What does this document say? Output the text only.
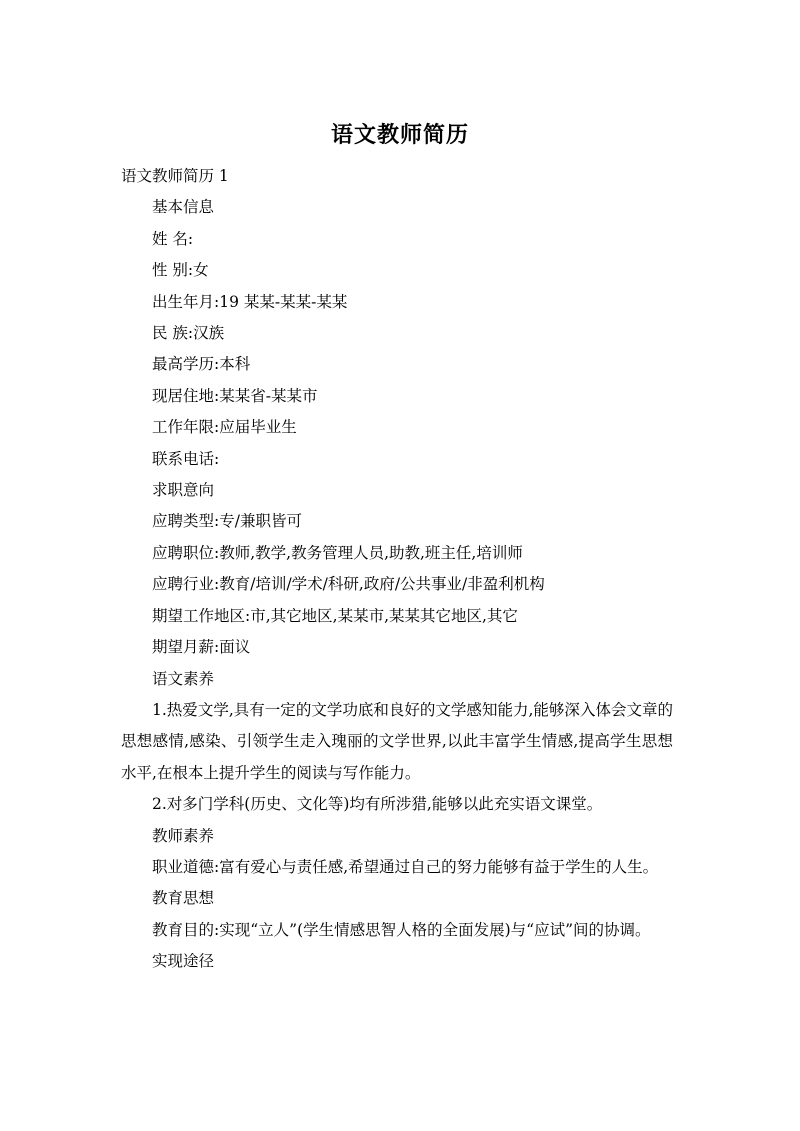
语文教师简历

语文教师简历 1

基本信息

姓 名:

性 别:女

出生年月:19 某某-某某-某某

民 族:汉族

最高学历:本科

现居住地:某某省-某某市

工作年限:应届毕业生

联系电话:

求职意向

应聘类型:专/兼职皆可

应聘职位:教师,教学,教务管理人员,助教,班主任,培训师

应聘行业:教育/培训/学术/科研,政府/公共事业/非盈利机构

期望工作地区:市,其它地区,某某市,某某其它地区,其它

期望月薪:面议

语文素养

1.热爱文学,具有一定的文学功底和良好的文学感知能力,能够深入体会文章的思想感情,感染、引领学生走入瑰丽的文学世界,以此丰富学生情感,提高学生思想水平,在根本上提升学生的阅读与写作能力。

2.对多门学科(历史、文化等)均有所涉猎,能够以此充实语文课堂。

教师素养

职业道德:富有爱心与责任感,希望通过自己的努力能够有益于学生的人生。

教育思想

教育目的:实现“立人”(学生情感思智人格的全面发展)与“应试”间的协调。

实现途径
